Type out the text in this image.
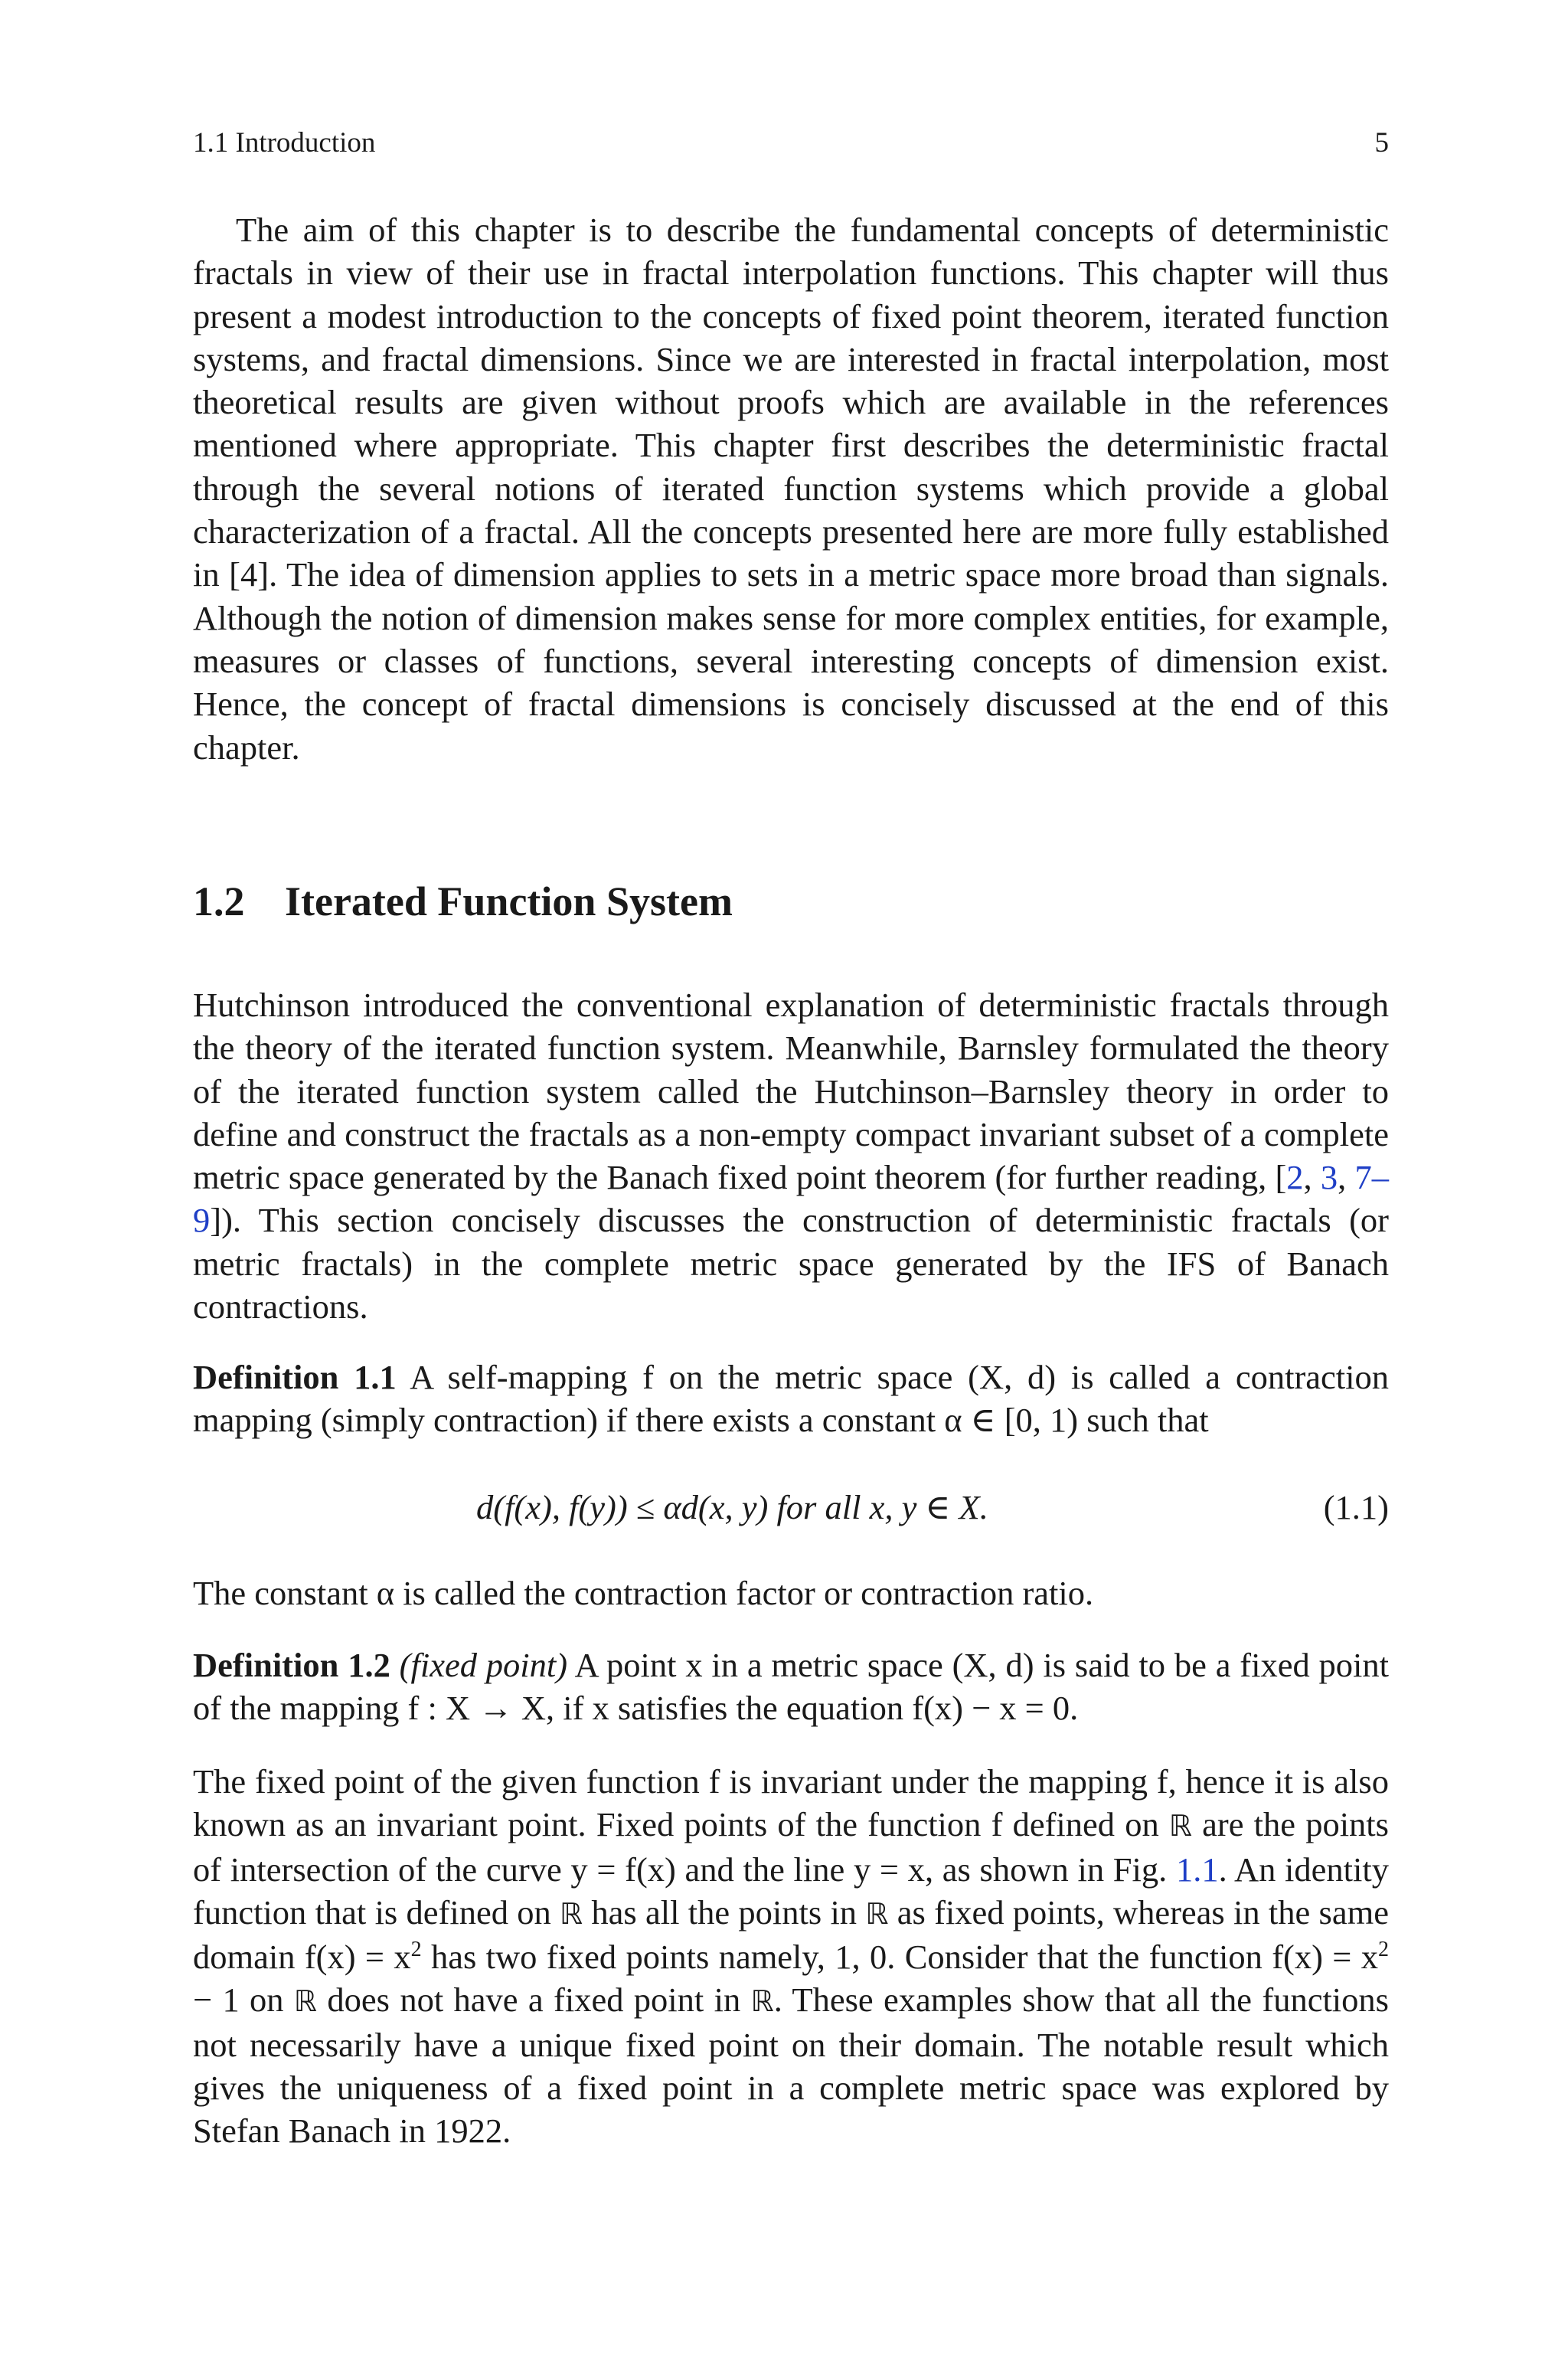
1.1 Introduction	5

The aim of this chapter is to describe the fundamental concepts of deterministic fractals in view of their use in fractal interpolation functions. This chapter will thus present a modest introduction to the concepts of fixed point theorem, iterated function systems, and fractal dimensions. Since we are interested in fractal interpolation, most theoretical results are given without proofs which are available in the references mentioned where appropriate. This chapter first describes the deterministic fractal through the several notions of iterated function systems which provide a global characterization of a fractal. All the concepts presented here are more fully established in [4]. The idea of dimension applies to sets in a metric space more broad than signals. Although the notion of dimension makes sense for more complex entities, for example, measures or classes of functions, several interesting concepts of dimension exist. Hence, the concept of fractal dimensions is concisely discussed at the end of this chapter.

1.2 Iterated Function System

Hutchinson introduced the conventional explanation of deterministic fractals through the theory of the iterated function system. Meanwhile, Barnsley formulated the theory of the iterated function system called the Hutchinson–Barnsley theory in order to define and construct the fractals as a non-empty compact invariant subset of a complete metric space generated by the Banach fixed point theorem (for further reading, [2, 3, 7–9]). This section concisely discusses the construction of deterministic fractals (or metric fractals) in the complete metric space generated by the IFS of Banach contractions.

Definition 1.1 A self-mapping f on the metric space (X, d) is called a contraction mapping (simply contraction) if there exists a constant α ∈ [0, 1) such that

d(f(x), f(y)) ≤ αd(x, y) for all x, y ∈ X.	(1.1)

The constant α is called the contraction factor or contraction ratio.

Definition 1.2 (fixed point) A point x in a metric space (X, d) is said to be a fixed point of the mapping f : X → X, if x satisfies the equation f(x) − x = 0.

The fixed point of the given function f is invariant under the mapping f, hence it is also known as an invariant point. Fixed points of the function f defined on ℝ are the points of intersection of the curve y = f(x) and the line y = x, as shown in Fig. 1.1. An identity function that is defined on ℝ has all the points in ℝ as fixed points, whereas in the same domain $f(x) = x^2$ has two fixed points namely, 1, 0. Consider that the function $f(x) = x^2 - 1$ on ℝ does not have a fixed point in ℝ. These examples show that all the functions not necessarily have a unique fixed point on their domain. The notable result which gives the uniqueness of a fixed point in a complete metric space was explored by Stefan Banach in 1922.
